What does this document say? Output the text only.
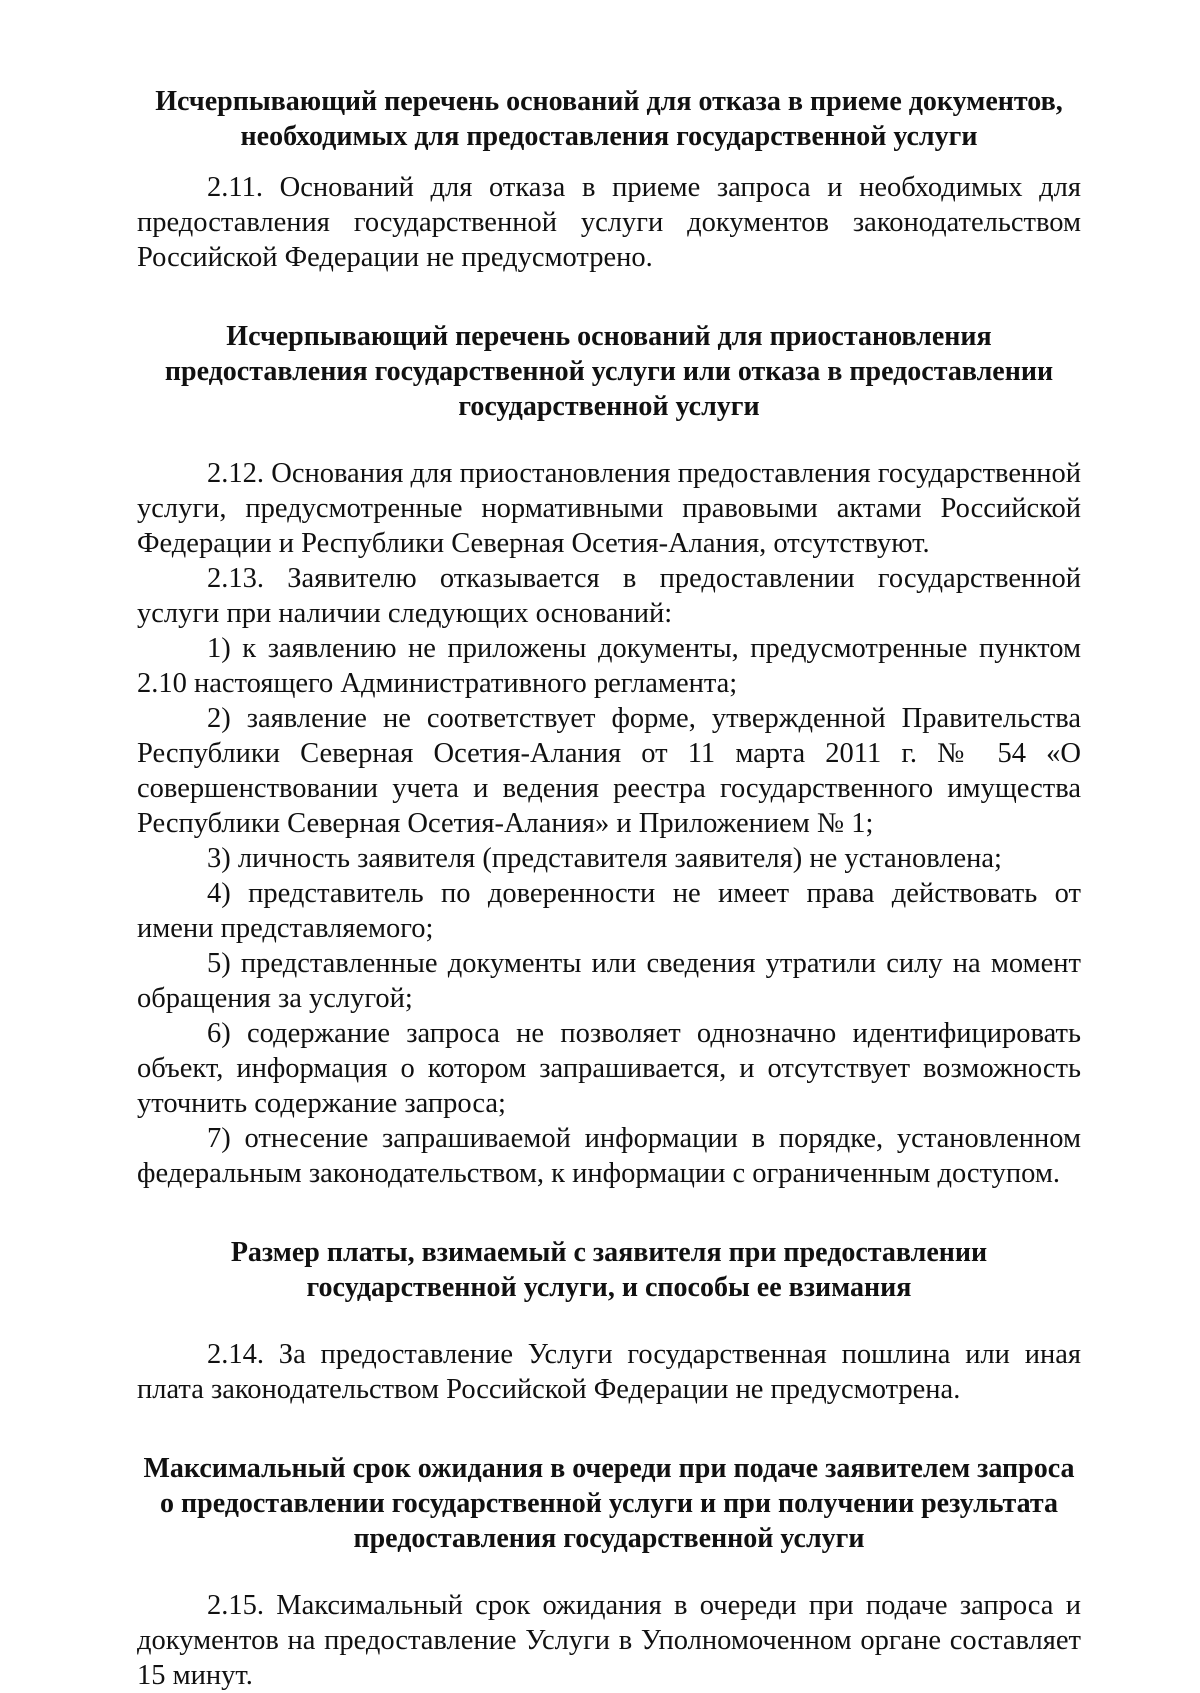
Исчерпывающий перечень оснований для отказа в приеме документов, необходимых для предоставления государственной услуги

2.11. Оснований для отказа в приеме запроса и необходимых для предоставления государственной услуги документов законодательством Российской Федерации не предусмотрено.

Исчерпывающий перечень оснований для приостановления предоставления государственной услуги или отказа в предоставлении государственной услуги

2.12. Основания для приостановления предоставления государственной услуги, предусмотренные нормативными правовыми актами Российской Федерации и Республики Северная Осетия-Алания, отсутствуют.

2.13. Заявителю отказывается в предоставлении государственной услуги при наличии следующих оснований:

1) к заявлению не приложены документы, предусмотренные пунктом 2.10 настоящего Административного регламента;

2) заявление не соответствует форме, утвержденной Правительства Республики Северная Осетия-Алания от 11 марта 2011 г. № 54 «О совершенствовании учета и ведения реестра государственного имущества Республики Северная Осетия-Алания» и Приложением № 1;

3) личность заявителя (представителя заявителя) не установлена;

4) представитель по доверенности не имеет права действовать от имени представляемого;

5) представленные документы или сведения утратили силу на момент обращения за услугой;

6) содержание запроса не позволяет однозначно идентифицировать объект, информация о котором запрашивается, и отсутствует возможность уточнить содержание запроса;

7) отнесение запрашиваемой информации в порядке, установленном федеральным законодательством, к информации с ограниченным доступом.

Размер платы, взимаемый с заявителя при предоставлении государственной услуги, и способы ее взимания

2.14. За предоставление Услуги государственная пошлина или иная плата законодательством Российской Федерации не предусмотрена.

Максимальный срок ожидания в очереди при подаче заявителем запроса о предоставлении государственной услуги и при получении результата предоставления государственной услуги

2.15. Максимальный срок ожидания в очереди при подаче запроса и документов на предоставление Услуги в Уполномоченном органе составляет 15 минут.
